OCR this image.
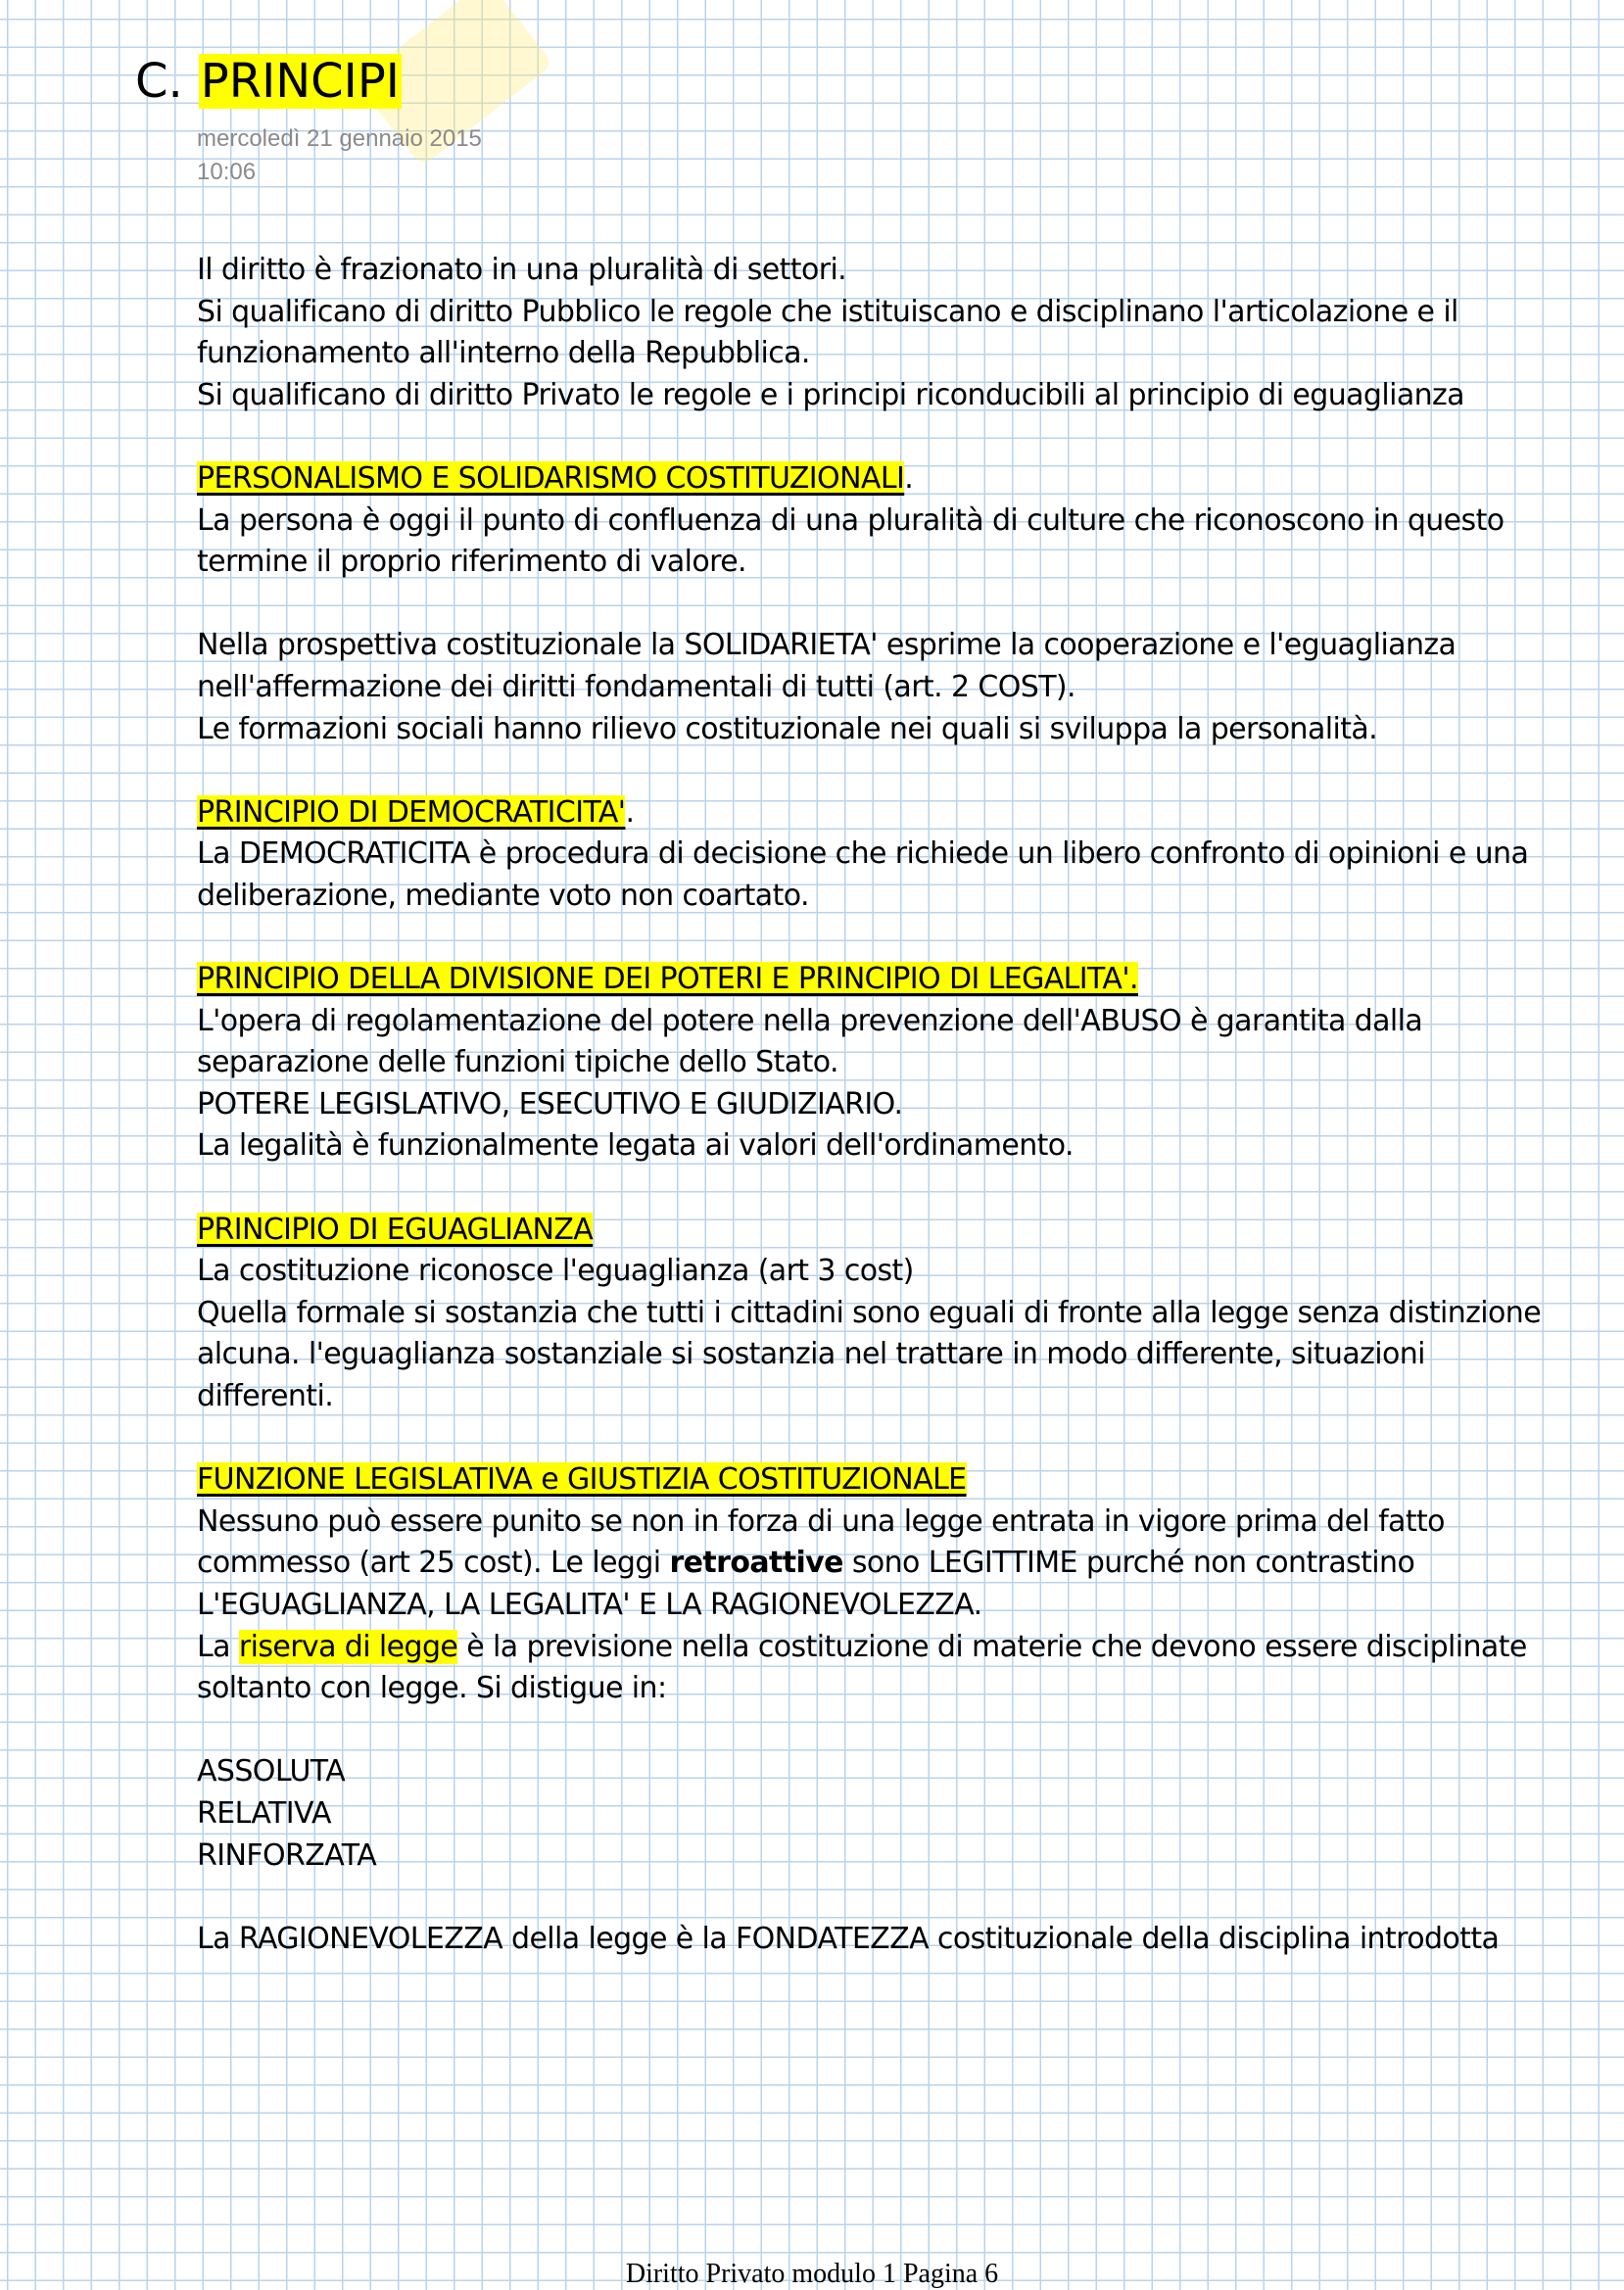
C. PRINCIPI
mercoledì 21 gennaio 2015
10:06
Il diritto è frazionato in una pluralità di settori.
Si qualificano di diritto Pubblico le regole che istituiscano e disciplinano l'articolazione e il
funzionamento all'interno della Repubblica.
Si qualificano di diritto Privato le regole e i principi riconducibili al principio di eguaglianza
PERSONALISMO E SOLIDARISMO COSTITUZIONALI.
La persona è oggi il punto di confluenza di una pluralità di culture che riconoscono in questo
termine il proprio riferimento di valore.
Nella prospettiva costituzionale la SOLIDARIETA' esprime la cooperazione e l'eguaglianza
nell'affermazione dei diritti fondamentali di tutti (art. 2 COST).
Le formazioni sociali hanno rilievo costituzionale nei quali si sviluppa la personalità.
PRINCIPIO DI DEMOCRATICITA'.
La DEMOCRATICITA è procedura di decisione che richiede un libero confronto di opinioni e una
deliberazione, mediante voto non coartato.
PRINCIPIO DELLA DIVISIONE DEI POTERI E PRINCIPIO DI LEGALITA'.
L'opera di regolamentazione del potere nella prevenzione dell'ABUSO è garantita dalla
separazione delle funzioni tipiche dello Stato.
POTERE LEGISLATIVO, ESECUTIVO E GIUDIZIARIO.
La legalità è funzionalmente legata ai valori dell'ordinamento.
PRINCIPIO DI EGUAGLIANZA
La costituzione riconosce l'eguaglianza (art 3 cost)
Quella formale si sostanzia che tutti i cittadini sono eguali di fronte alla legge senza distinzione
alcuna. l'eguaglianza sostanziale si sostanzia nel trattare in modo differente, situazioni
differenti.
FUNZIONE LEGISLATIVA e GIUSTIZIA COSTITUZIONALE
Nessuno può essere punito se non in forza di una legge entrata in vigore prima del fatto
commesso (art 25 cost). Le leggi retroattive sono LEGITTIME purché non contrastino
L'EGUAGLIANZA, LA LEGALITA' E LA RAGIONEVOLEZZA.
La riserva di legge è la previsione nella costituzione di materie che devono essere disciplinate
soltanto con legge. Si distigue in:
ASSOLUTA
RELATIVA
RINFORZATA
La RAGIONEVOLEZZA della legge è la FONDATEZZA costituzionale della disciplina introdotta
Diritto Privato modulo 1 Pagina 6
